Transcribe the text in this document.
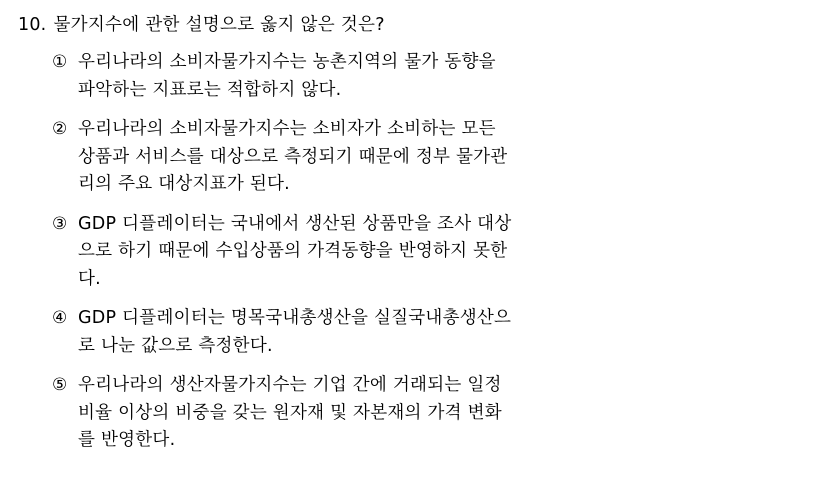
10. 물가지수에 관한 설명으로 옳지 않은 것은?
① 우리나라의 소비자물가지수는 농촌지역의 물가 동향을
파악하는 지표로는 적합하지 않다.
② 우리나라의 소비자물가지수는 소비자가 소비하는 모든
상품과 서비스를 대상으로 측정되기 때문에 정부 물가관
리의 주요 대상지표가 된다.
③ GDP 디플레이터는 국내에서 생산된 상품만을 조사 대상
으로 하기 때문에 수입상품의 가격동향을 반영하지 못한
다.
④ GDP 디플레이터는 명목국내총생산을 실질국내총생산으
로 나눈 값으로 측정한다.
⑤ 우리나라의 생산자물가지수는 기업 간에 거래되는 일정
비율 이상의 비중을 갖는 원자재 및 자본재의 가격 변화
를 반영한다.
